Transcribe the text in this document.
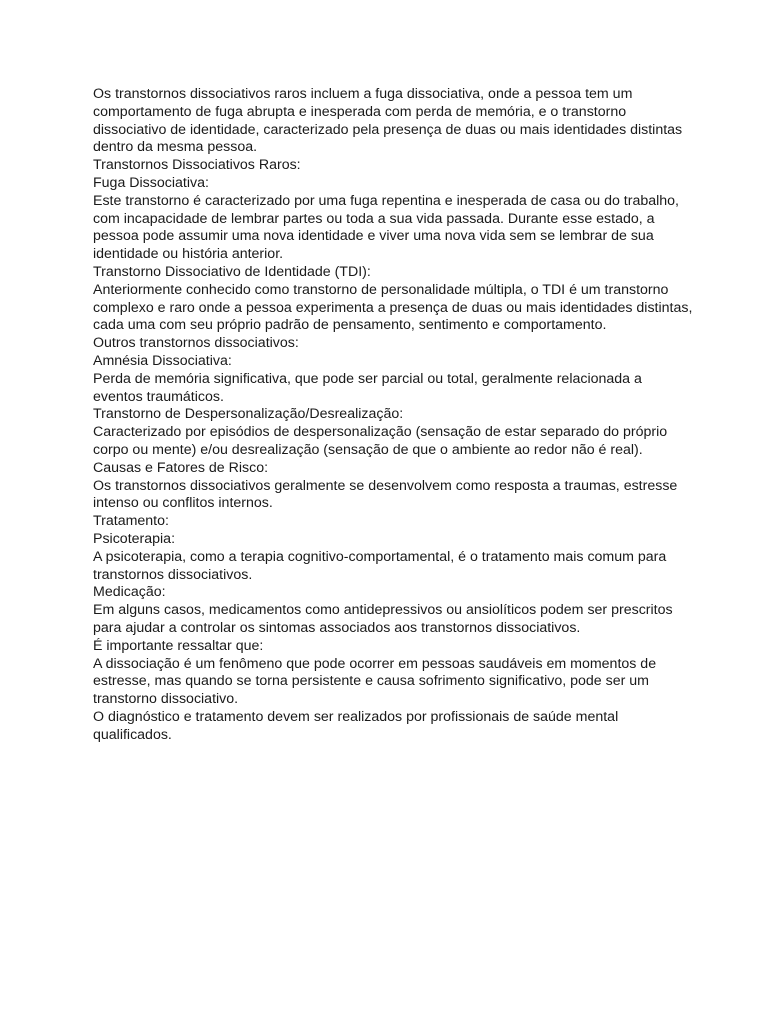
Os transtornos dissociativos raros incluem a fuga dissociativa, onde a pessoa tem um comportamento de fuga abrupta e inesperada com perda de memória, e o transtorno dissociativo de identidade, caracterizado pela presença de duas ou mais identidades distintas dentro da mesma pessoa.

Transtornos Dissociativos Raros:

Fuga Dissociativa:

Este transtorno é caracterizado por uma fuga repentina e inesperada de casa ou do trabalho, com incapacidade de lembrar partes ou toda a sua vida passada. Durante esse estado, a pessoa pode assumir uma nova identidade e viver uma nova vida sem se lembrar de sua identidade ou história anterior.

Transtorno Dissociativo de Identidade (TDI):

Anteriormente conhecido como transtorno de personalidade múltipla, o TDI é um transtorno complexo e raro onde a pessoa experimenta a presença de duas ou mais identidades distintas, cada uma com seu próprio padrão de pensamento, sentimento e comportamento.

Outros transtornos dissociativos:

Amnésia Dissociativa:

Perda de memória significativa, que pode ser parcial ou total, geralmente relacionada a eventos traumáticos.

Transtorno de Despersonalização/Desrealização:

Caracterizado por episódios de despersonalização (sensação de estar separado do próprio corpo ou mente) e/ou desrealização (sensação de que o ambiente ao redor não é real).

Causas e Fatores de Risco:

Os transtornos dissociativos geralmente se desenvolvem como resposta a traumas, estresse intenso ou conflitos internos.

Tratamento:

Psicoterapia:

A psicoterapia, como a terapia cognitivo-comportamental, é o tratamento mais comum para transtornos dissociativos.

Medicação:

Em alguns casos, medicamentos como antidepressivos ou ansiolíticos podem ser prescritos para ajudar a controlar os sintomas associados aos transtornos dissociativos.

É importante ressaltar que:

A dissociação é um fenômeno que pode ocorrer em pessoas saudáveis em momentos de estresse, mas quando se torna persistente e causa sofrimento significativo, pode ser um transtorno dissociativo.

O diagnóstico e tratamento devem ser realizados por profissionais de saúde mental qualificados.
